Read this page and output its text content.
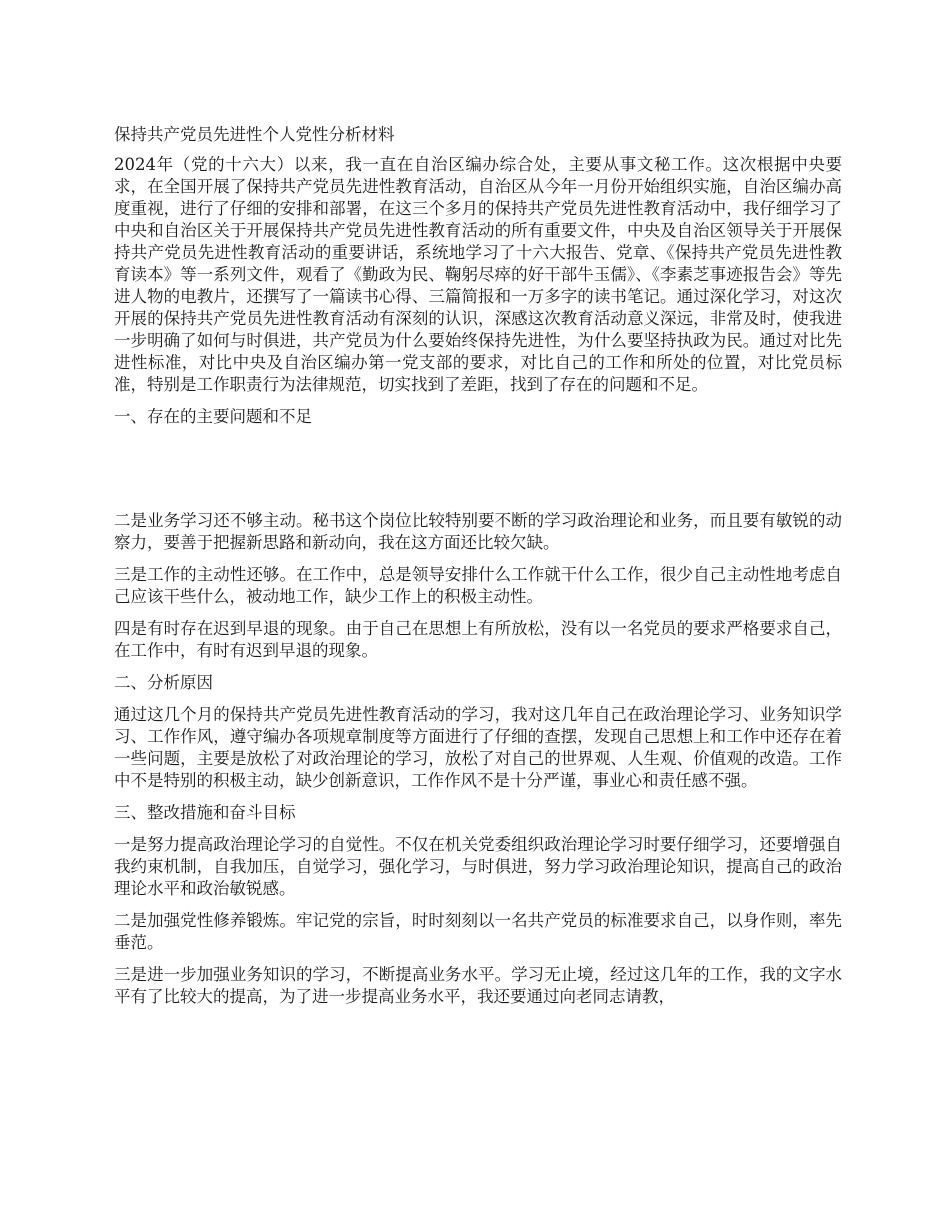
保持共产党员先进性个人党性分析材料

2024年（党的十六大）以来，我一直在自治区编办综合处，主要从事文秘工作。这次根据中央要求，在全国开展了保持共产党员先进性教育活动，自治区从今年一月份开始组织实施，自治区编办高度重视，进行了仔细的安排和部署，在这三个多月的保持共产党员先进性教育活动中，我仔细学习了中央和自治区关于开展保持共产党员先进性教育活动的所有重要文件，中央及自治区领导关于开展保持共产党员先进性教育活动的重要讲话，系统地学习了十六大报告、党章、《保持共产党员先进性教育读本》等一系列文件，观看了《勤政为民、鞠躬尽瘁的好干部牛玉儒》、《李素芝事迹报告会》等先进人物的电教片，还撰写了一篇读书心得、三篇简报和一万多字的读书笔记。通过深化学习，对这次开展的保持共产党员先进性教育活动有深刻的认识，深感这次教育活动意义深远，非常及时，使我进一步明确了如何与时俱进，共产党员为什么要始终保持先进性，为什么要坚持执政为民。通过对比先进性标准，对比中央及自治区编办第一党支部的要求，对比自己的工作和所处的位置，对比党员标准，特别是工作职责行为法律规范，切实找到了差距，找到了存在的问题和不足。

一、存在的主要问题和不足

二是业务学习还不够主动。秘书这个岗位比较特别要不断的学习政治理论和业务，而且要有敏锐的动察力，要善于把握新思路和新动向，我在这方面还比较欠缺。

三是工作的主动性还够。在工作中，总是领导安排什么工作就干什么工作，很少自己主动性地考虑自己应该干些什么，被动地工作，缺少工作上的积极主动性。

四是有时存在迟到早退的现象。由于自己在思想上有所放松，没有以一名党员的要求严格要求自己，在工作中，有时有迟到早退的现象。

二、分析原因

通过这几个月的保持共产党员先进性教育活动的学习，我对这几年自己在政治理论学习、业务知识学习、工作作风，遵守编办各项规章制度等方面进行了仔细的查摆，发现自己思想上和工作中还存在着一些问题，主要是放松了对政治理论的学习，放松了对自己的世界观、人生观、价值观的改造。工作中不是特别的积极主动，缺少创新意识，工作作风不是十分严谨，事业心和责任感不强。

三、整改措施和奋斗目标

一是努力提高政治理论学习的自觉性。不仅在机关党委组织政治理论学习时要仔细学习，还要增强自我约束机制，自我加压，自觉学习，强化学习，与时俱进，努力学习政治理论知识，提高自己的政治理论水平和政治敏锐感。

二是加强党性修养锻炼。牢记党的宗旨，时时刻刻以一名共产党员的标准要求自己，以身作则，率先垂范。

三是进一步加强业务知识的学习，不断提高业务水平。学习无止境，经过这几年的工作，我的文字水平有了比较大的提高，为了进一步提高业务水平，我还要通过向老同志请教，
